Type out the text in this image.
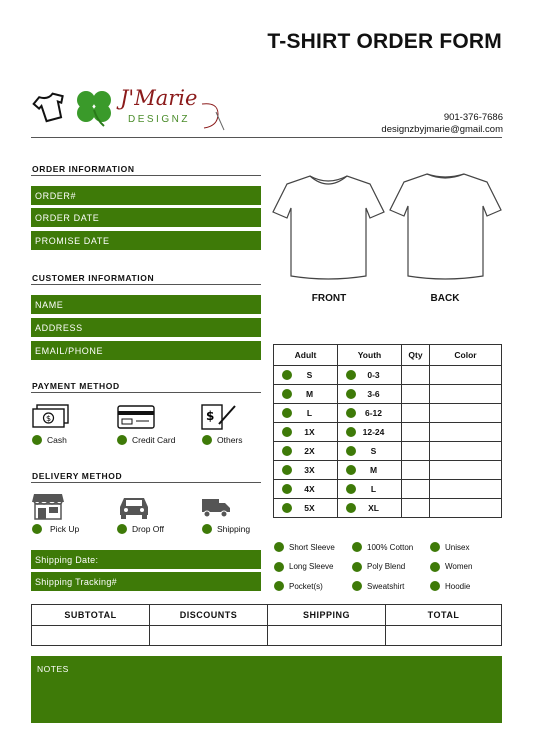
T-SHIRT ORDER FORM
J'Marie
DESIGNZ	901-376-7686
designzbyjmarie@gmail.com
ORDER INFORMATION
ORDER#
ORDER DATE
PROMISE DATE
CUSTOMER INFORMATION
NAME
ADDRESS
EMAIL/PHONE
PAYMENT METHOD
$	$
Cash	Credit Card	Others
DELIVERY METHOD
Pick Up	Drop Off	Shipping
Shipping Date:
Shipping Tracking#
FRONT	BACK
Adult	Youth	Qty	Color

S	0-3		

M	3-6		

L	6-12		

1X	12-24		

2X	S		

3X	M		

4X	L		

5X	XL		

Short Sleeve	100% Cotton	Unisex
Long Sleeve	Poly Blend	Women
Pocket(s)	Sweatshirt	Hoodie
SUBTOTAL	DISCOUNTS	SHIPPING	TOTAL

NOTES
